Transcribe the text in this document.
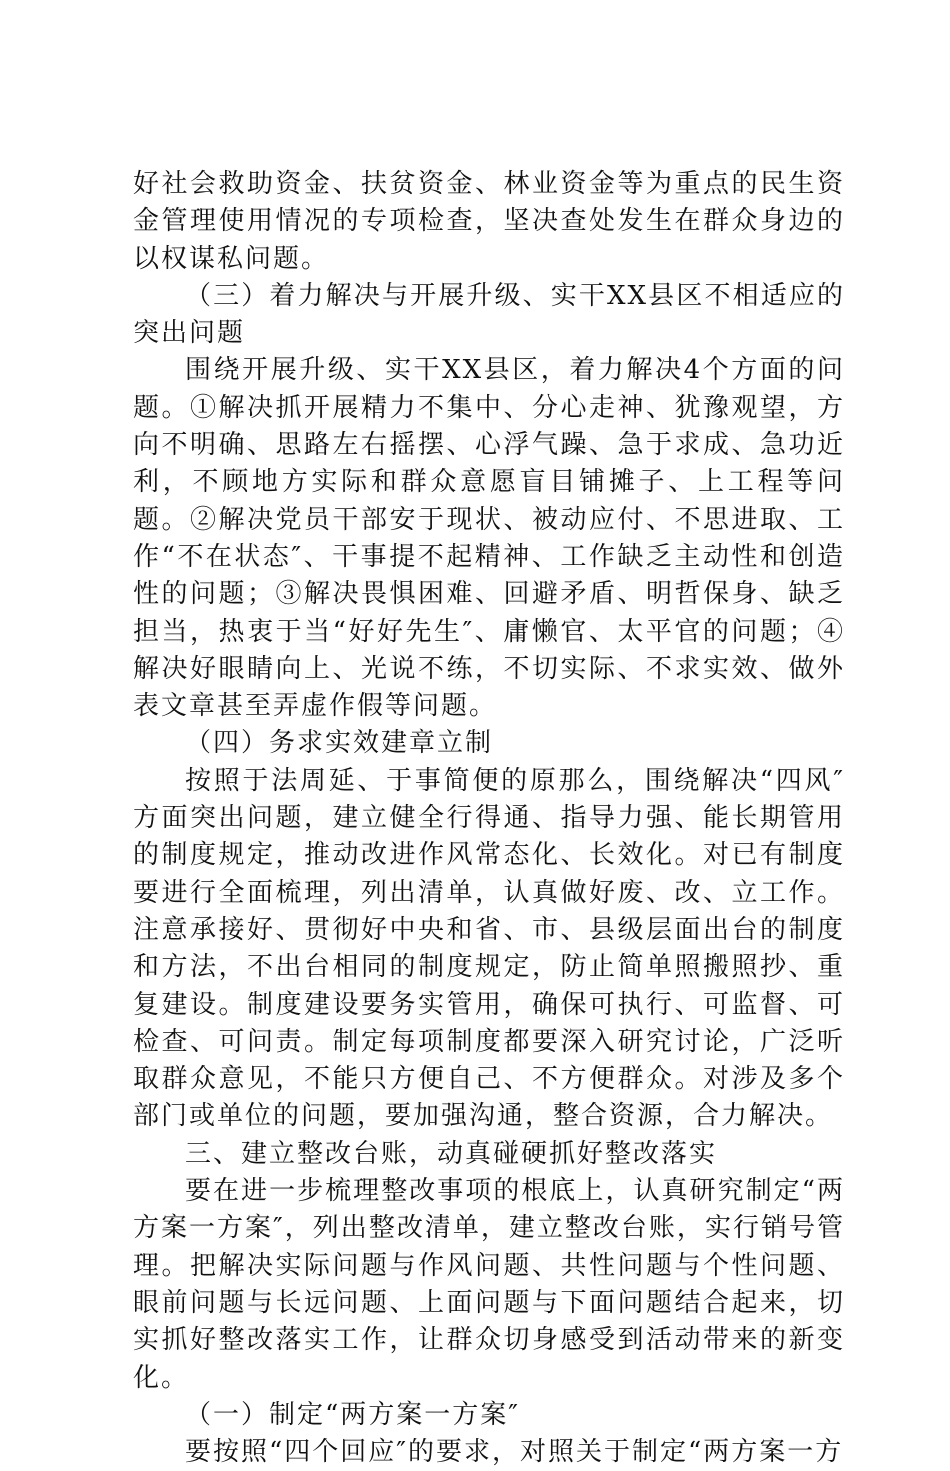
好社会救助资金、扶贫资金、林业资金等为重点的民生资金管理使用情况的专项检查，坚决查处发生在群众身边的以权谋私问题。

（三）着力解决与开展升级、实干XX县区不相适应的突出问题

围绕开展升级、实干XX县区，着力解决4个方面的问题。①解决抓开展精力不集中、分心走神、犹豫观望，方向不明确、思路左右摇摆、心浮气躁、急于求成、急功近利，不顾地方实际和群众意愿盲目铺摊子、上工程等问题。②解决党员干部安于现状、被动应付、不思进取、工作“不在状态″、干事提不起精神、工作缺乏主动性和创造性的问题；③解决畏惧困难、回避矛盾、明哲保身、缺乏担当，热衷于当“好好先生″、庸懒官、太平官的问题；④解决好眼睛向上、光说不练，不切实际、不求实效、做外表文章甚至弄虚作假等问题。

（四）务求实效建章立制

按照于法周延、于事简便的原那么，围绕解决“四风″方面突出问题，建立健全行得通、指导力强、能长期管用的制度规定，推动改进作风常态化、长效化。对已有制度要进行全面梳理，列出清单，认真做好废、改、立工作。注意承接好、贯彻好中央和省、市、县级层面出台的制度和方法，不出台相同的制度规定，防止简单照搬照抄、重复建设。制度建设要务实管用，确保可执行、可监督、可检查、可问责。制定每项制度都要深入研究讨论，广泛听取群众意见，不能只方便自己、不方便群众。对涉及多个部门或单位的问题，要加强沟通，整合资源，合力解决。

三、建立整改台账，动真碰硬抓好整改落实

要在进一步梳理整改事项的根底上，认真研究制定“两方案一方案″，列出整改清单，建立整改台账，实行销号管理。把解决实际问题与作风问题、共性问题与个性问题、眼前问题与长远问题、上面问题与下面问题结合起来，切实抓好整改落实工作，让群众切身感受到活动带来的新变化。

（一）制定“两方案一方案″

要按照“四个回应″的要求，对照关于制定“两方案一方
